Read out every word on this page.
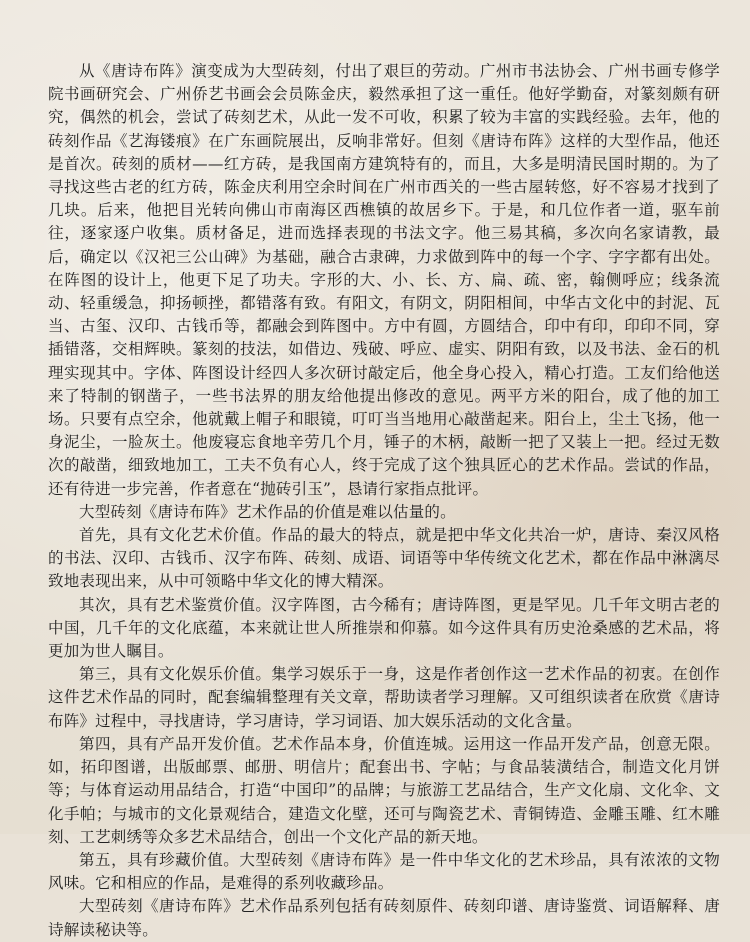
从《唐诗布阵》演变成为大型砖刻，付出了艰巨的劳动。广州市书法协会、广州书画专修学院书画研究会、广州侨艺书画会会员陈金庆，毅然承担了这一重任。他好学勤奋，对篆刻颇有研究，偶然的机会，尝试了砖刻艺术，从此一发不可收，积累了较为丰富的实践经验。去年，他的砖刻作品《艺海镂痕》在广东画院展出，反响非常好。但刻《唐诗布阵》这样的大型作品，他还是首次。砖刻的质材——红方砖，是我国南方建筑特有的，而且，大多是明清民国时期的。为了寻找这些古老的红方砖，陈金庆利用空余时间在广州市西关的一些古屋转悠，好不容易才找到了几块。后来，他把目光转向佛山市南海区西樵镇的故居乡下。于是，和几位作者一道，驱车前往，逐家逐户收集。质材备足，进而选择表现的书法文字。他三易其稿，多次向名家请教，最后，确定以《汉祀三公山碑》为基础，融合古隶碑，力求做到阵中的每一个字、字字都有出处。在阵图的设计上，他更下足了功夫。字形的大、小、长、方、扁、疏、密，翰侧呼应；线条流动、轻重缓急，抑扬顿挫，都错落有致。有阳文，有阴文，阴阳相间，中华古文化中的封泥、瓦当、古玺、汉印、古钱币等，都融会到阵图中。方中有圆，方圆结合，印中有印，印印不同，穿插错落，交相辉映。篆刻的技法，如借边、残破、呼应、虚实、阴阳有致，以及书法、金石的机理实现其中。字体、阵图设计经四人多次研讨敲定后，他全身心投入，精心打造。工友们给他送来了特制的钢凿子，一些书法界的朋友给他提出修改的意见。两平方米的阳台，成了他的加工场。只要有点空余，他就戴上帽子和眼镜，叮叮当当地用心敲凿起来。阳台上，尘土飞扬，他一身泥尘，一脸灰土。他废寝忘食地辛劳几个月，锤子的木柄，敲断一把了又装上一把。经过无数次的敲凿，细致地加工，工夫不负有心人，终于完成了这个独具匠心的艺术作品。尝试的作品，还有待进一步完善，作者意在“抛砖引玉”，恳请行家指点批评。

大型砖刻《唐诗布阵》艺术作品的价值是难以估量的。

首先，具有文化艺术价值。作品的最大的特点，就是把中华文化共冶一炉，唐诗、秦汉风格的书法、汉印、古钱币、汉字布阵、砖刻、成语、词语等中华传统文化艺术，都在作品中淋漓尽致地表现出来，从中可领略中华文化的博大精深。

其次，具有艺术鉴赏价值。汉字阵图，古今稀有；唐诗阵图，更是罕见。几千年文明古老的中国，几千年的文化底蕴，本来就让世人所推崇和仰慕。如今这件具有历史沧桑感的艺术品，将更加为世人瞩目。

第三，具有文化娱乐价值。集学习娱乐于一身，这是作者创作这一艺术作品的初衷。在创作这件艺术作品的同时，配套编辑整理有关文章，帮助读者学习理解。又可组织读者在欣赏《唐诗布阵》过程中，寻找唐诗，学习唐诗，学习词语、加大娱乐活动的文化含量。

第四，具有产品开发价值。艺术作品本身，价值连城。运用这一作品开发产品，创意无限。如，拓印图谱，出版邮票、邮册、明信片；配套出书、字帖；与食品装潢结合，制造文化月饼等；与体育运动用品结合，打造“中国印”的品牌；与旅游工艺品结合，生产文化扇、文化伞、文化手帕；与城市的文化景观结合，建造文化壁，还可与陶瓷艺术、青铜铸造、金雕玉雕、红木雕刻、工艺刺绣等众多艺术品结合，创出一个文化产品的新天地。

第五，具有珍藏价值。大型砖刻《唐诗布阵》是一件中华文化的艺术珍品，具有浓浓的文物风味。它和相应的作品，是难得的系列收藏珍品。

大型砖刻《唐诗布阵》艺术作品系列包括有砖刻原件、砖刻印谱、唐诗鉴赏、词语解释、唐诗解读秘诀等。
